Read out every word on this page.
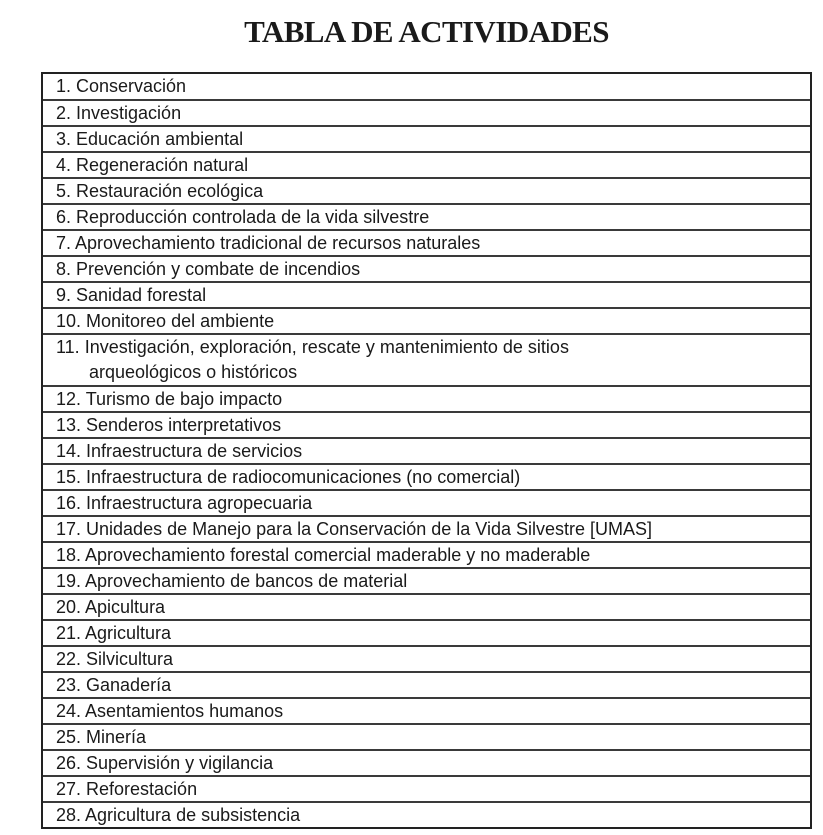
TABLA DE ACTIVIDADES
1. Conservación
2. Investigación
3. Educación ambiental
4. Regeneración natural
5. Restauración ecológica
6. Reproducción controlada de la vida silvestre
7. Aprovechamiento tradicional de recursos naturales
8. Prevención y combate de incendios
9. Sanidad forestal
10. Monitoreo del ambiente
11. Investigación, exploración, rescate y mantenimiento de sitios
arqueológicos o históricos
12. Turismo de bajo impacto
13. Senderos interpretativos
14. Infraestructura de servicios
15. Infraestructura de radiocomunicaciones (no comercial)
16. Infraestructura agropecuaria
17. Unidades de Manejo para la Conservación de la Vida Silvestre [UMAS]
18. Aprovechamiento forestal comercial maderable y no maderable
19. Aprovechamiento de bancos de material
20. Apicultura
21. Agricultura
22. Silvicultura
23. Ganadería
24. Asentamientos humanos
25. Minería
26. Supervisión y vigilancia
27. Reforestación
28. Agricultura de subsistencia
